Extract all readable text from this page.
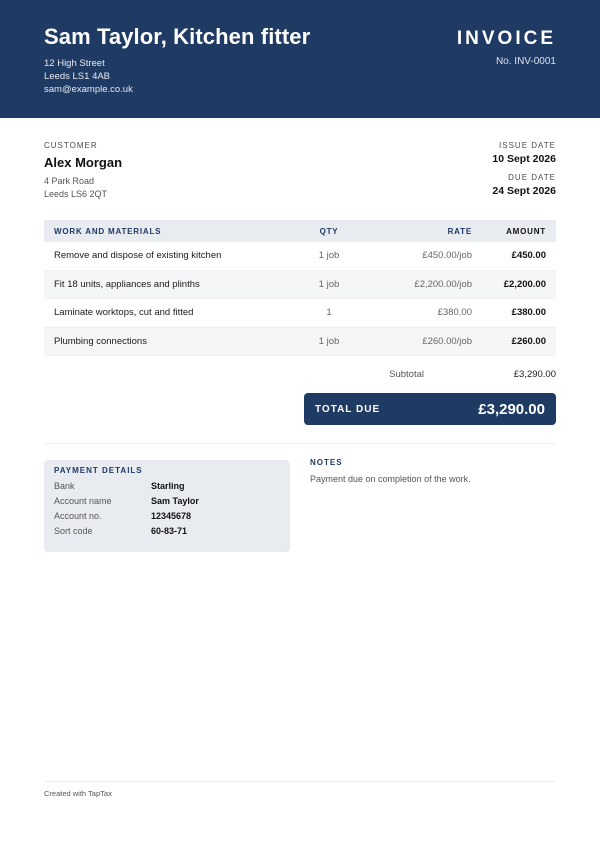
Sam Taylor, Kitchen fitter
12 High Street
Leeds LS1 4AB
sam@example.co.uk
INVOICE
No. INV-0001
CUSTOMER
Alex Morgan
4 Park Road
Leeds LS6 2QT
ISSUE DATE
10 Sept 2026
DUE DATE
24 Sept 2026
WORK AND MATERIALS	QTY	RATE	AMOUNT
Remove and dispose of existing kitchen	1 job	£450.00/job	£450.00
Fit 18 units, appliances and plinths	1 job	£2,200.00/job	£2,200.00
Laminate worktops, cut and fitted	1	£380.00	£380.00
Plumbing connections	1 job	£260.00/job	£260.00
Subtotal	£3,290.00
TOTAL DUE	£3,290.00
PAYMENT DETAILS
Bank	Starling
Account name	Sam Taylor
Account no.	12345678
Sort code	60-83-71
NOTES
Payment due on completion of the work.
Created with TapTax
